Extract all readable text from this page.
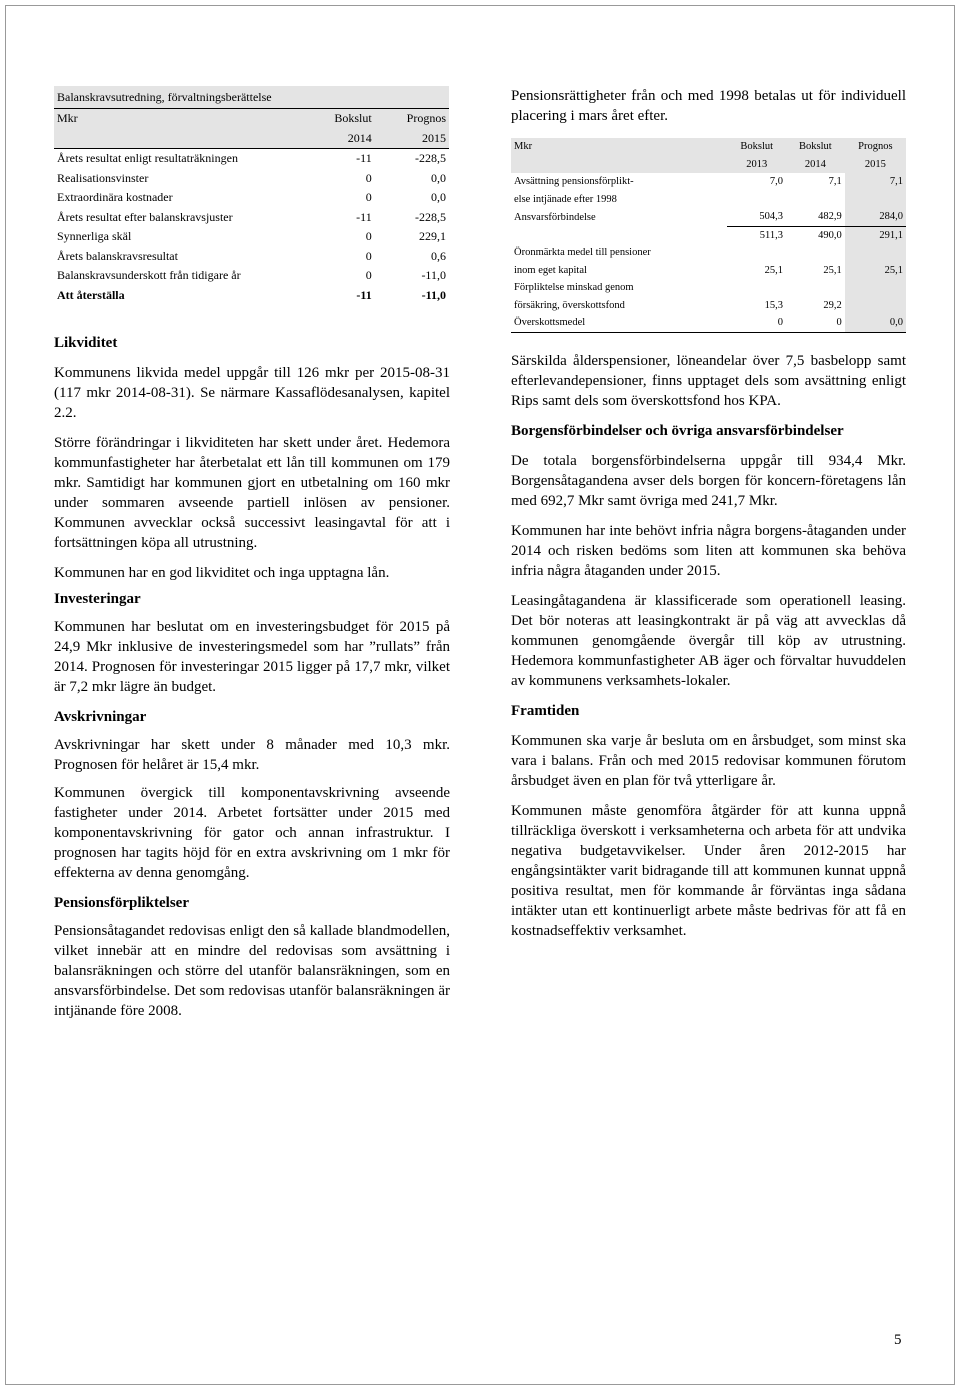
Balanskravsutredning, förvaltningsberättelse		
Mkr	Bokslut	Prognos
	2014	2015
Årets resultat enligt resultaträkningen	-11	-228,5
Realisationsvinster	0	0,0
Extraordinära kostnader	0	0,0
Årets resultat efter balanskravsjuster	-11	-228,5
Synnerliga skäl	0	229,1
Årets balanskravsresultat	0	0,6
Balanskravsunderskott från tidigare år	0	-11,0
Att återställa	-11	-11,0
Likviditet

Kommunens likvida medel uppgår till 126 mkr per 2015-08-31 (117 mkr 2014-08-31). Se närmare Kassaflödesanalysen, kapitel 2.2.

Större förändringar i likviditeten har skett under året. Hedemora kommunfastigheter har återbetalat ett lån till kommunen om 179 mkr. Samtidigt har kommunen gjort en utbetalning om 160 mkr under sommaren avseende partiell inlösen av pensioner. Kommunen avvecklar också successivt leasingavtal för att i fortsättningen köpa all utrustning.

Kommunen har en god likviditet och inga upptagna lån.

Investeringar

Kommunen har beslutat om en investeringsbudget för 2015 på 24,9 Mkr inklusive de investeringsmedel som har ”rullats” från 2014. Prognosen för investeringar 2015 ligger på 17,7 mkr, vilket är 7,2 mkr lägre än budget.

Avskrivningar

Avskrivningar har skett under 8 månader med 10,3 mkr. Prognosen för helåret är 15,4 mkr.

Kommunen övergick till komponentavskrivning avseende fastigheter under 2014. Arbetet fortsätter under 2015 med komponentavskrivning för gator och annan infrastruktur. I prognosen har tagits höjd för en extra avskrivning om 1 mkr för effekterna av denna genomgång.

Pensionsförpliktelser

Pensionsåtagandet redovisas enligt den så kallade blandmodellen, vilket innebär att en mindre del redovisas som avsättning i balansräkningen och större del utanför balansräkningen, som en ansvarsförbindelse. Det som redovisas utanför balansräkningen är intjänande före 2008.

Pensionsrättigheter från och med 1998 betalas ut för individuell placering i mars året efter.

Mkr	Bokslut	Bokslut	Prognos
	2013	2014	2015
Avsättning pensionsförplikt-	7,0	7,1	7,1
else intjänade efter 1998			
Ansvarsförbindelse	504,3	482,9	284,0
	511,3	490,0	291,1
Öronmärkta medel till pensioner			
inom eget kapital	25,1	25,1	25,1
Förpliktelse minskad genom			
försäkring, överskottsfond	15,3	29,2	
Överskottsmedel	0	0	0,0

Särskilda ålderspensioner, löneandelar över 7,5 basbelopp samt efterlevandepensioner, finns upptaget dels som avsättning enligt Rips samt dels som överskottsfond hos KPA.

Borgensförbindelser och övriga ansvarsförbindelser

De totala borgensförbindelserna uppgår till 934,4 Mkr. Borgensåtagandena avser dels borgen för koncern-företagens lån med 692,7 Mkr samt övriga med 241,7 Mkr.

Kommunen har inte behövt infria några borgens-åtaganden under 2014 och risken bedöms som liten att kommunen ska behöva infria några åtaganden under 2015.

Leasingåtagandena är klassificerade som operationell leasing. Det bör noteras att leasingkontrakt är på väg att avvecklas då kommunen genomgående övergår till köp av utrustning. Hedemora kommunfastigheter AB äger och förvaltar huvuddelen av kommunens verksamhets-lokaler.

Framtiden

Kommunen ska varje år besluta om en årsbudget, som minst ska vara i balans. Från och med 2015 redovisar kommunen förutom årsbudget även en plan för två ytterligare år.

Kommunen måste genomföra åtgärder för att kunna uppnå tillräckliga överskott i verksamheterna och arbeta för att undvika negativa budgetavvikelser. Under åren 2012-2015 har engångsintäkter varit bidragande till att kommunen kunnat uppnå positiva resultat, men för kommande år förväntas inga sådana intäkter utan ett kontinuerligt arbete måste bedrivas för att få en kostnadseffektiv verksamhet.

5
